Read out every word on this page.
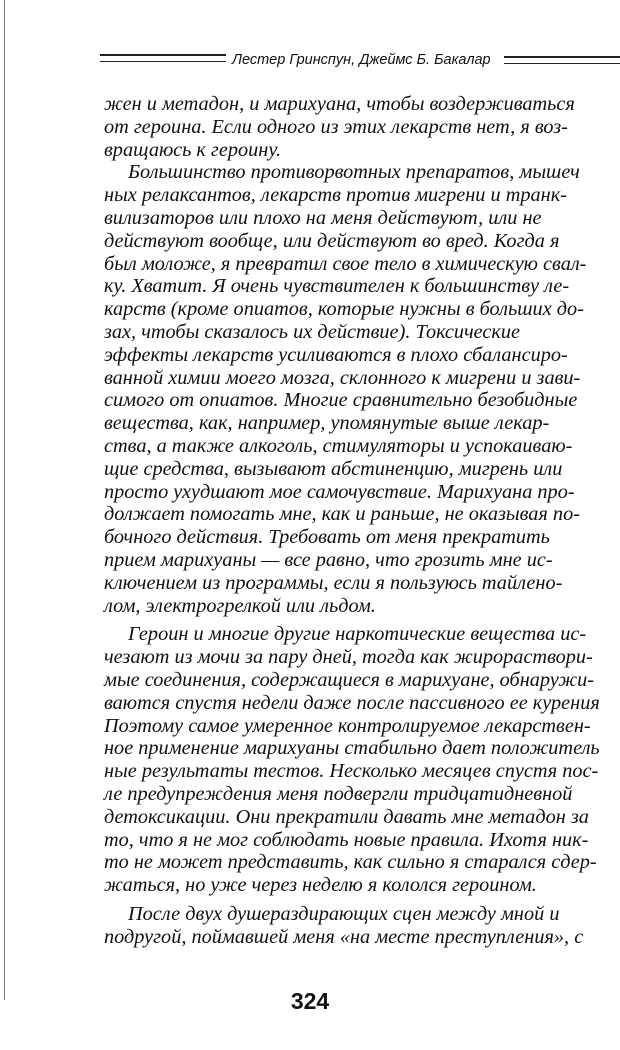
Лестер Гринспун, Джеймс Б. Бакалар
жен и метадон, и марихуана, чтобы воздерживаться
от героина. Если одного из этих лекарств нет, я воз-
вращаюсь к героину.
Большинство противорвотных препаратов, мышеч
ных релаксантов, лекарств против мигрени и транк-
вилизаторов или плохо на меня действуют, или не
действуют вообще, или действуют во вред. Когда я
был моложе, я превратил свое тело в химическую свал-
ку. Хватит. Я очень чувствителен к большинству ле-
карств (кроме опиатов, которые нужны в больших до-
зах, чтобы сказалось их действие). Токсические
эффекты лекарств усиливаются в плохо сбалансиро-
ванной химии моего мозга, склонного к мигрени и зави-
симого от опиатов. Многие сравнительно безобидные
вещества, как, например, упомянутые выше лекар-
ства, а также алкоголь, стимуляторы и успокаиваю-
щие средства, вызывают абстиненцию, мигрень или
просто ухудшают мое самочувствие. Марихуана про-
должает помогать мне, как и раньше, не оказывая по-
бочного действия. Требовать от меня прекратить
прием марихуаны — все равно, что грозить мне ис-
ключением из программы, если я пользуюсь тайлено-
лом, электрогрелкой или льдом.
Героин и многие другие наркотические вещества ис-
чезают из мочи за пару дней, тогда как жирораствори-
мые соединения, содержащиеся в марихуане, обнаружи-
ваются спустя недели даже после пассивного ее курения
Поэтому самое умеренное контролируемое лекарствен-
ное применение марихуаны стабильно дает положитель
ные результаты тестов. Несколько месяцев спустя пос-
ле предупреждения меня подвергли тридцатидневной
детоксикации. Они прекратили давать мне метадон за
то, что я не мог соблюдать новые правила. Ихотя ник-
то не может представить, как сильно я старался сдер-
жаться, но уже через неделю я кололся героином.
После двух душераздирающих сцен между мной и
подругой, поймавшей меня «на месте преступления», с
324
